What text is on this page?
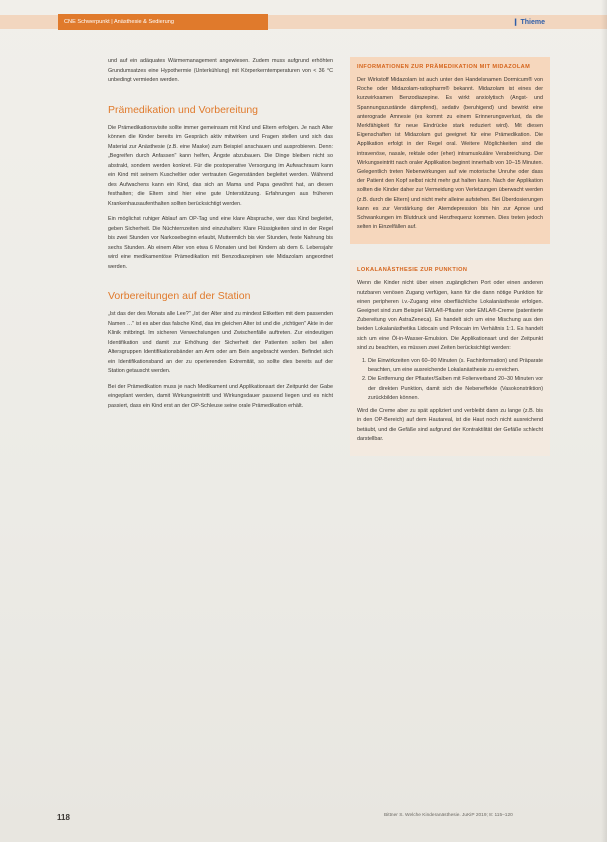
CNE Schwerpunkt | Anästhesie & Sedierung	❙ Thieme

und auf ein adäquates Wärmemanagement angewiesen. Zudem muss aufgrund erhöhten Grundumsatzes eine Hypothermie (Unterkühlung) mit Körperkerntemperaturen von < 36 °C unbedingt vermieden werden.

Prämedikation und Vorbereitung

Die Prämedikationsvisite sollte immer gemeinsam mit Kind und Eltern erfolgen. Je nach Alter können die Kinder bereits im Gespräch aktiv mitwirken und Fragen stellen und sich das Material zur Anästhesie (z.B. eine Maske) zum Beispiel anschauen und ausprobieren. Denn: „Begreifen durch Anfassen" kann helfen, Ängste abzubauen. Die Dinge bleiben nicht so abstrakt, sondern werden konkret. Für die postoperative Versorgung im Aufwachraum kann ein Kind mit seinem Kuscheltier oder vertrauten Gegenständen begleitet werden. Während des Aufwachens kann ein Kind, das sich an Mama und Papa gewöhnt hat, an diesen festhalten; die Eltern sind hier eine gute Unterstützung. Erfahrungen aus früheren Krankenhausaufenthalten sollten berücksichtigt werden.

Ein möglichst ruhiger Ablauf am OP-Tag und eine klare Absprache, wer das Kind begleitet, geben Sicherheit. Die Nüchternzeiten sind einzuhalten: Klare Flüssigkeiten sind in der Regel bis zwei Stunden vor Narkosebeginn erlaubt, Muttermilch bis vier Stunden, feste Nahrung bis sechs Stunden. Ab einem Alter von etwa 6 Monaten und bei Kindern ab dem 6. Lebensjahr wird eine medikamentöse Prämedikation mit Benzodiazepinen wie Midazolam angeordnet werden.

Vorbereitungen auf der Station

„Ist das der des Monats alle Lee?" „Ist der Alter sind zu mindest Etiketten mit dem passenden Namen …" ist es aber das falsche Kind, das im gleichen Alter ist und die „richtigen" Akte in der Klinik mitbringt. Im sicheren Verwechslungen und Zwischenfälle auftreten. Zur eindeutigen Identifikation und damit zur Erhöhung der Sicherheit der Patienten sollen bei allen Altersgruppen Identifikationsbänder am Arm oder am Bein angebracht werden. Befindet sich ein Identifikationsband an der zu operierenden Extremität, so sollte dies bereits auf der Station getauscht werden.

Bei der Prämedikation muss je nach Medikament und Applikationsart der Zeitpunkt der Gabe eingeplant werden, damit Wirkungseintritt und Wirkungsdauer passend liegen und es nicht passiert, dass ein Kind erst an der OP-Schleuse seine orale Prämedikation erhält.

INFORMATIONEN ZUR PRÄMEDIKATION MIT MIDAZOLAM

Der Wirkstoff Midazolam ist auch unter den Handelsnamen Dormicum® von Roche oder Midazolam-ratiopharm® bekannt. Midazolam ist eines der kurzwirksamen Benzodiazepine. Es wirkt anxiolytisch (Angst- und Spannungszustände dämpfend), sedativ (beruhigend) und bewirkt eine anterograde Amnesie (es kommt zu einem Erinnerungsverlust, da die Merkfähigkeit für neue Eindrücke stark reduziert wird). Mit diesen Eigenschaften ist Midazolam gut geeignet für eine Prämedikation. Die Applikation erfolgt in der Regel oral. Weitere Möglichkeiten sind die intravenöse, nasale, rektale oder (eher) intramuskuläre Verabreichung. Der Wirkungseintritt nach oraler Applikation beginnt innerhalb von 10–15 Minuten. Gelegentlich treten Nebenwirkungen auf wie motorische Unruhe oder dass der Patient den Kopf selbst nicht mehr gut halten kann. Nach der Applikation sollten die Kinder daher zur Vermeidung von Verletzungen überwacht werden (z.B. durch die Eltern) und nicht mehr alleine aufstehen. Bei Überdosierungen kann es zur Verstärkung der Atemdepression bis hin zur Apnoe und Schwankungen im Blutdruck und Herzfrequenz kommen. Dies treten jedoch selten in Einzelfällen auf.

LOKALANÄSTHESIE ZUR PUNKTION

Wenn die Kinder nicht über einen zugänglichen Port oder einen anderen nutzbaren venösen Zugang verfügen, kann für die dann nötige Punktion für einen peripheren i.v.-Zugang eine oberflächliche Lokalanästhesie erfolgen. Geeignet sind zum Beispiel EMLA®-Pflaster oder EMLA®-Creme (patentierte Zubereitung von AstraZeneca). Es handelt sich um eine Mischung aus den beiden Lokalanästhetika Lidocain und Prilocain im Verhältnis 1:1. Es handelt sich um eine Öl-in-Wasser-Emulsion. Die Applikationsart und der Zeitpunkt sind zu beachten, es müssen zwei Zeiten berücksichtigt werden:

1. Die Einwirkzeiten von 60–90 Minuten (s. Fachinformation) und Präparate beachten, um eine ausreichende Lokalanästhesie zu erreichen.
2. Die Entfernung der Pflaster/Salben mit Folienverband 20–30 Minuten vor der direkten Punktion, damit sich die Nebeneffekte (Vasokonstriktion) zurückbilden können.

Wird die Creme aber zu spät appliziert und verbleibt dann zu lange (z.B. bis in den OP-Bereich) auf dem Hautareal, ist die Haut noch nicht ausreichend betäubt, und die Gefäße sind aufgrund der Kontraktilität der Gefäße schlecht darstellbar.

118	Bittner S. Welche Kinderanästhesie. JuKiP 2019; 8: 115–120
